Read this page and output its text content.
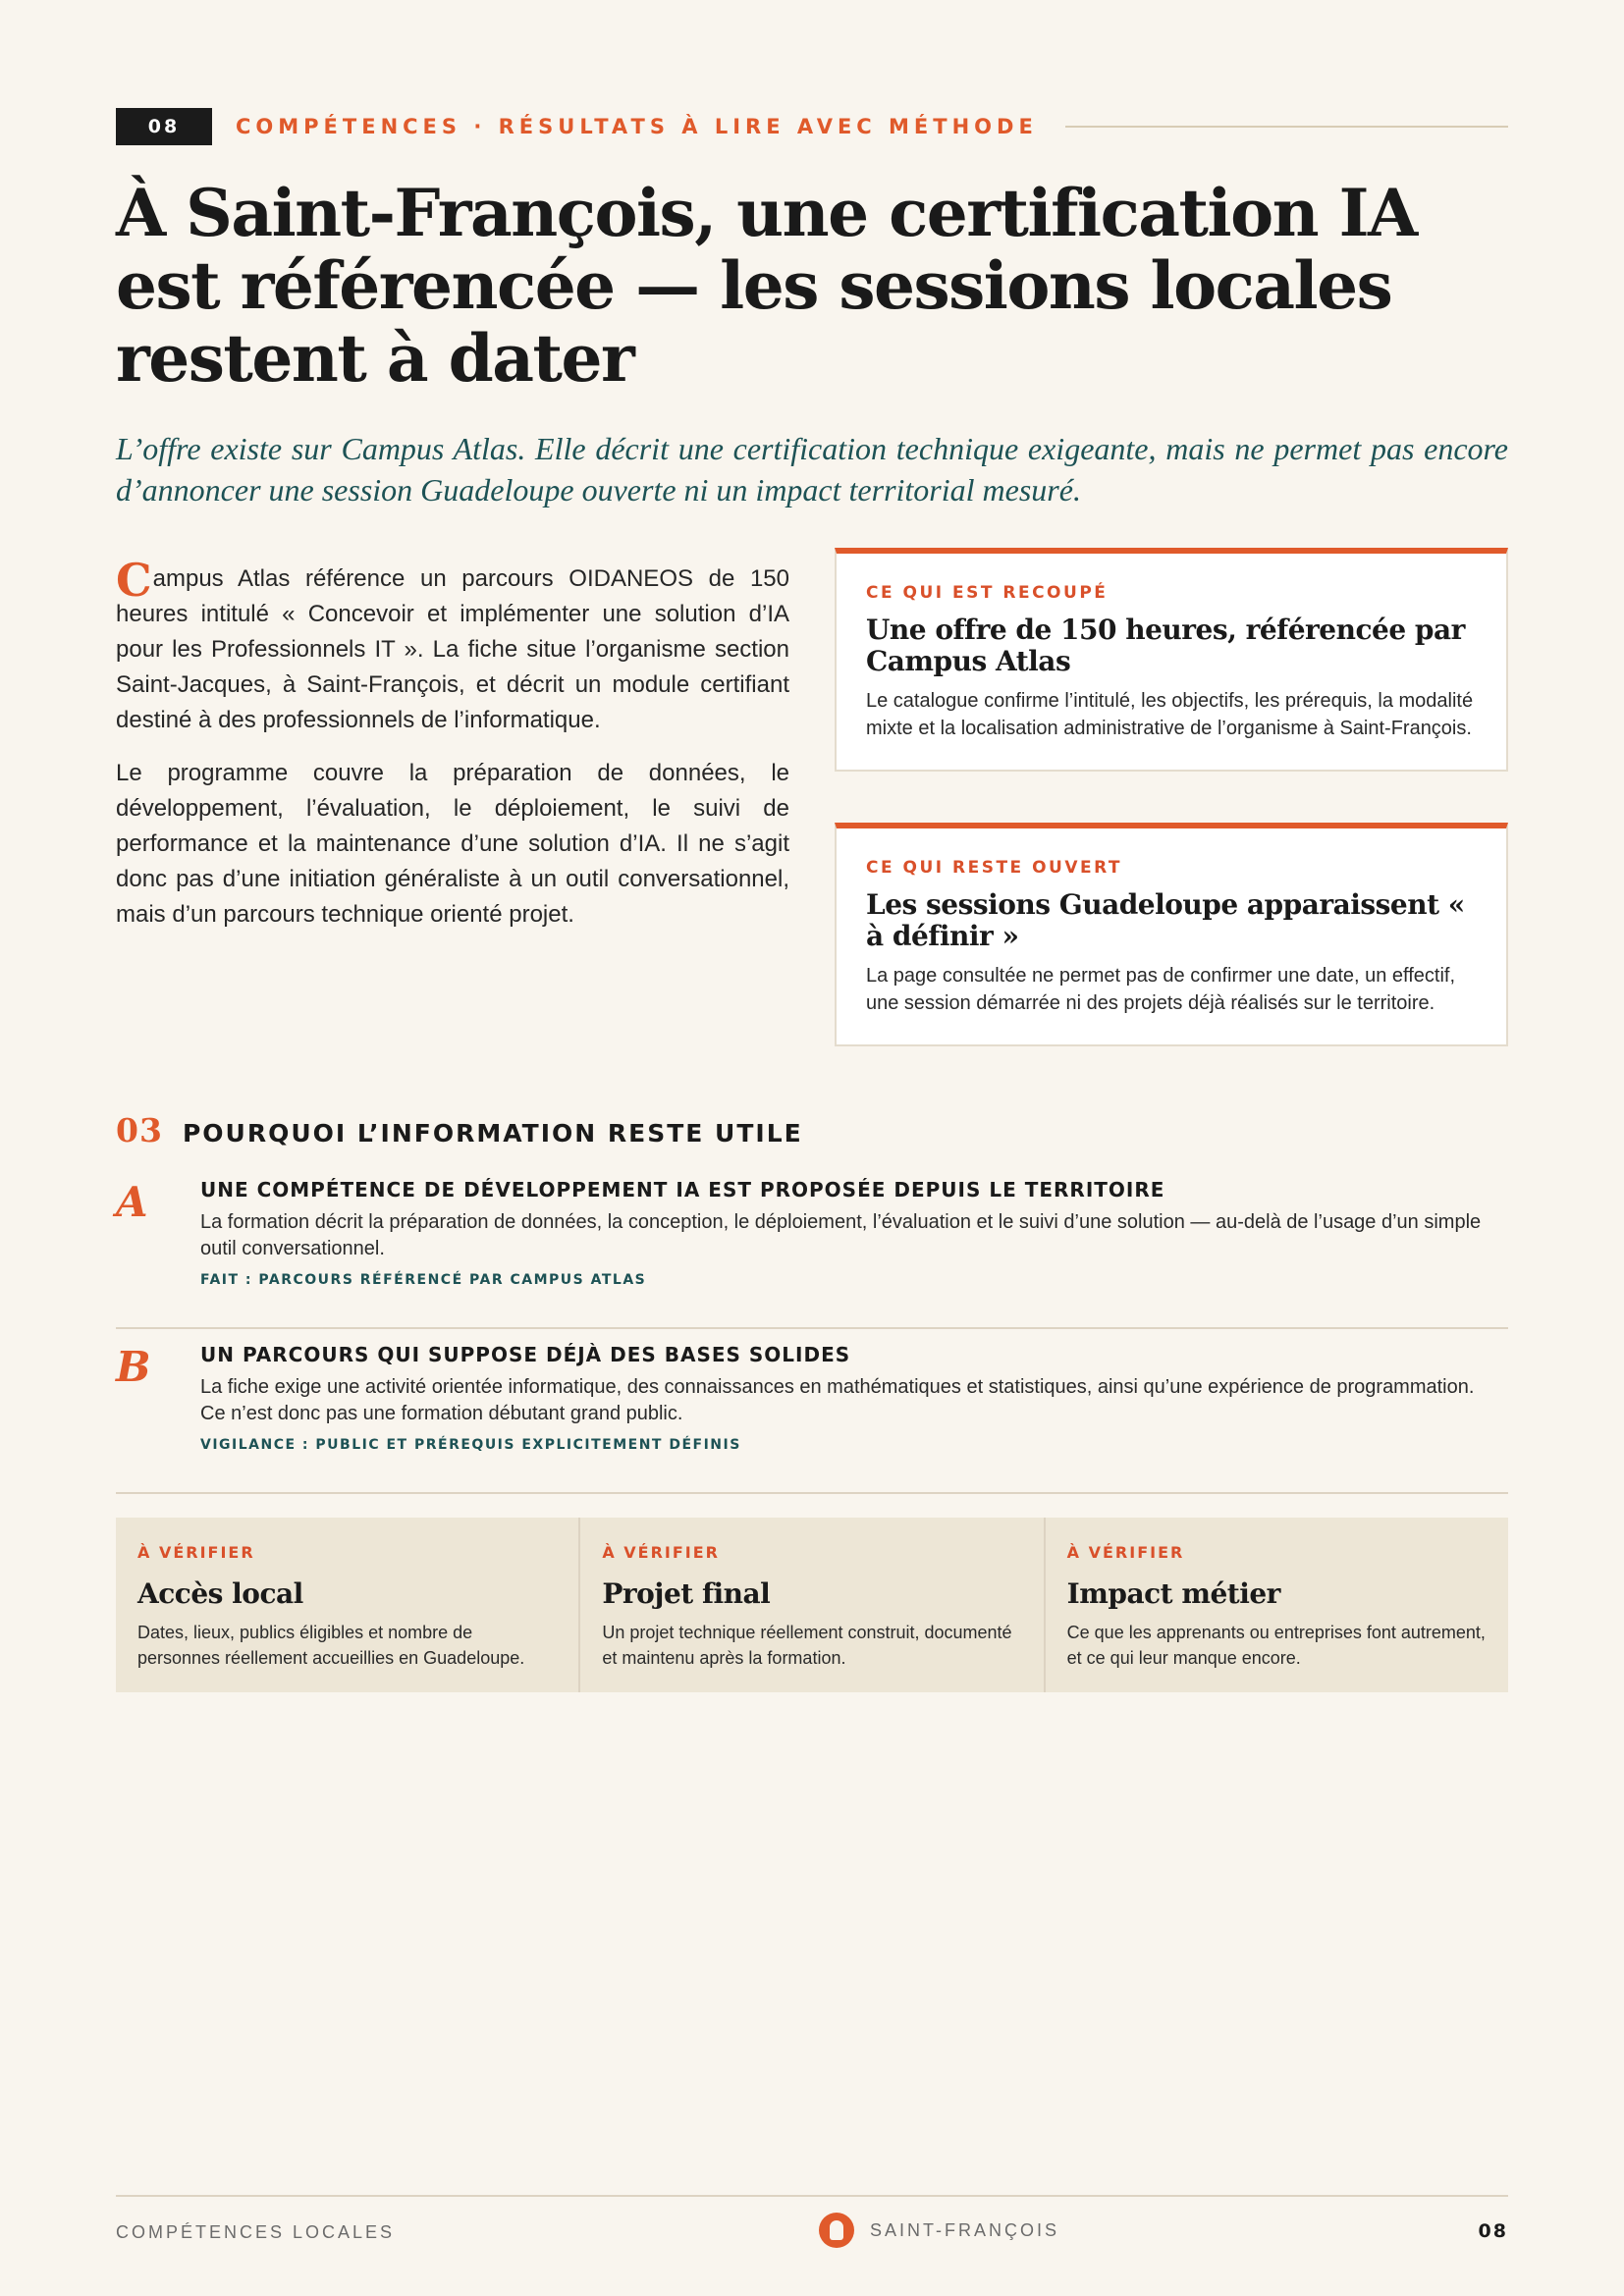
08	COMPÉTENCES · RÉSULTATS À LIRE AVEC MÉTHODE
À Saint-François, une certification IA est référencée — les sessions locales restent à dater

L’offre existe sur Campus Atlas. Elle décrit une certification technique exigeante, mais ne permet pas encore d’annoncer une session Guadeloupe ouverte ni un impact territorial mesuré.

Campus Atlas référence un parcours OIDANEOS de 150 heures intitulé « Concevoir et implémenter une solution d’IA pour les Professionnels IT ». La fiche situe l’organisme section Saint-Jacques, à Saint-François, et décrit un module certifiant destiné à des professionnels de l’informatique.

Le programme couvre la préparation de données, le développement, l’évaluation, le déploiement, le suivi de performance et la maintenance d’une solution d’IA. Il ne s’agit donc pas d’une initiation généraliste à un outil conversationnel, mais d’un parcours technique orienté projet.

CE QUI EST RECOUPÉ
Une offre de 150 heures, référencée par Campus Atlas
Le catalogue confirme l’intitulé, les objectifs, les prérequis, la modalité mixte et la localisation administrative de l’organisme à Saint-François.
CE QUI RESTE OUVERT
Les sessions Guadeloupe apparaissent « à définir »
La page consultée ne permet pas de confirmer une date, un effectif, une session démarrée ni des projets déjà réalisés sur le territoire.
03 POURQUOI L’INFORMATION RESTE UTILE
A	UNE COMPÉTENCE DE DÉVELOPPEMENT IA EST PROPOSÉE DEPUIS LE TERRITOIRE
La formation décrit la préparation de données, la conception, le déploiement, l’évaluation et le suivi d’une solution — au-delà de l’usage d’un simple outil conversationnel.
FAIT : PARCOURS RÉFÉRENCÉ PAR CAMPUS ATLAS
B	UN PARCOURS QUI SUPPOSE DÉJÀ DES BASES SOLIDES
La fiche exige une activité orientée informatique, des connaissances en mathématiques et statistiques, ainsi qu’une expérience de programmation. Ce n’est donc pas une formation débutant grand public.
VIGILANCE : PUBLIC ET PRÉREQUIS EXPLICITEMENT DÉFINIS
À VÉRIFIER
Accès local
Dates, lieux, publics éligibles et nombre de personnes réellement accueillies en Guadeloupe.
À VÉRIFIER
Projet final
Un projet technique réellement construit, documenté et maintenu après la formation.
À VÉRIFIER
Impact métier
Ce que les apprenants ou entreprises font autrement, et ce qui leur manque encore.
COMPÉTENCES LOCALES	SAINT-FRANÇOIS	08
